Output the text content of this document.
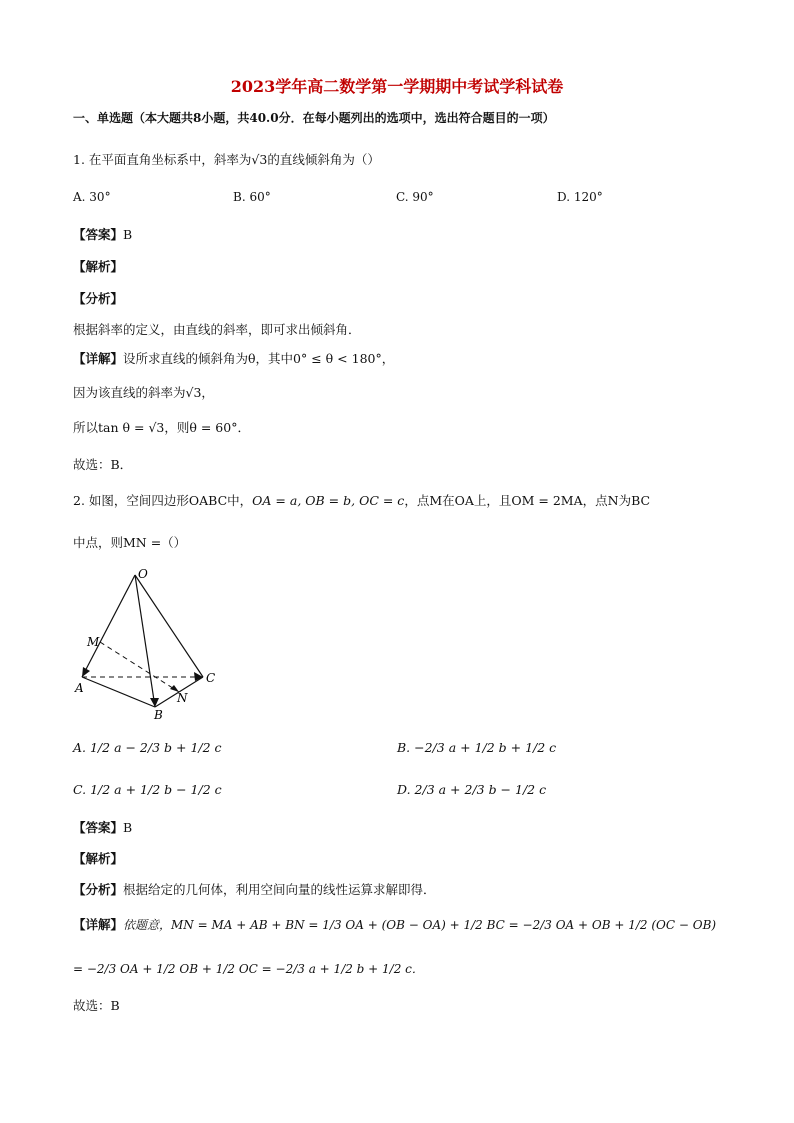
2023学年高二数学第一学期期中考试学科试卷
一、单选题（本大题共8小题，共40.0分．在每小题列出的选项中，选出符合题目的一项）
1. 在平面直角坐标系中，斜率为√3的直线倾斜角为（）
A. 30°	B. 60°	C. 90°	D. 120°
【答案】B
【解析】
【分析】
根据斜率的定义，由直线的斜率，即可求出倾斜角．
【详解】设所求直线的倾斜角为θ，其中0° ≤ θ < 180°，
因为该直线的斜率为√3，
所以tan θ = √3，则θ = 60°．
故选：B．
2. 如图，空间四边形OABC中，OA = a, OB = b, OC = c，点M在OA上，且OM = 2MA，点N为BC
中点，则MN =（）
O
M
A
B
N
C
A. 1/2 a − 2/3 b + 1/2 c	B. −2/3 a + 1/2 b + 1/2 c
C. 1/2 a + 1/2 b − 1/2 c	D. 2/3 a + 2/3 b − 1/2 c
【答案】B
【解析】
【分析】根据给定的几何体，利用空间向量的线性运算求解即得．
【详解】依题意，MN = MA + AB + BN = 1/3 OA + (OB − OA) + 1/2 BC = −2/3 OA + OB + 1/2 (OC − OB)
= −2/3 OA + 1/2 OB + 1/2 OC = −2/3 a + 1/2 b + 1/2 c．
故选：B
